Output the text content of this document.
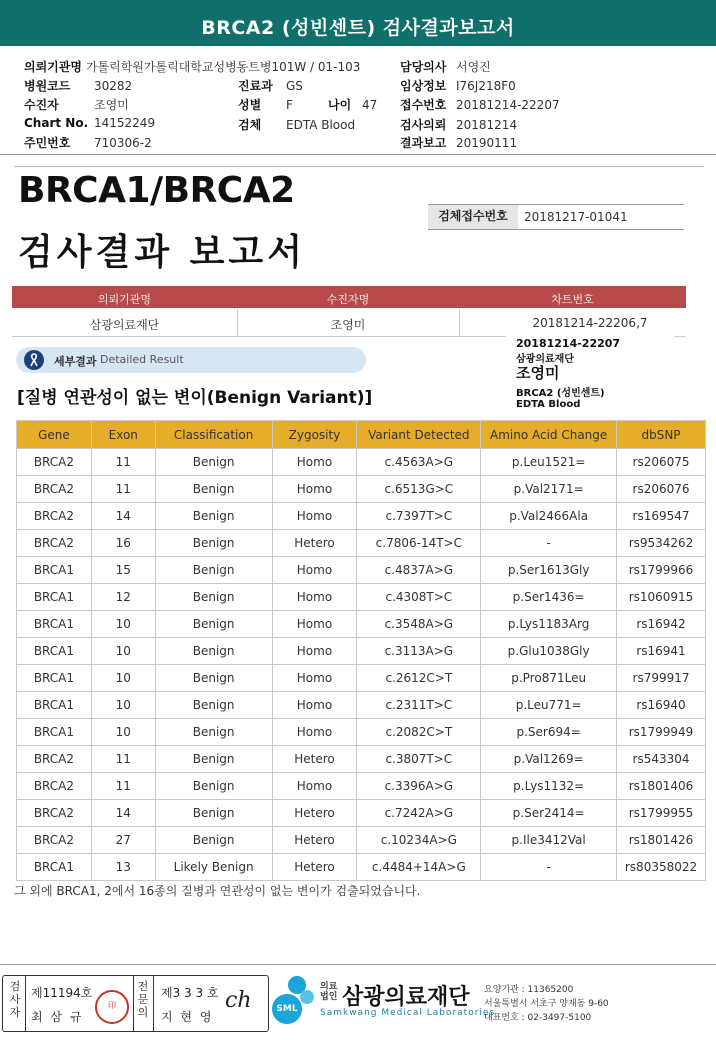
BRCA2 (성빈센트) 검사결과보고서
의뢰기관명 가톨릭학원가톨릭대학교성병동트병101W / 01-103
병원코드 30282
수진자	조영미
Chart No. 14152249
주민번호 710306-2
진료과 GS
성별 F
검체 EDTA Blood
나이 47
담당의사 서영진
임상정보 I76J218F0
접수번호 20181214-22207
검사의뢰 20181214
결과보고 20190111
BRCA1/BRCA2
검사결과 보고서
검체접수번호	20181217-01041
의뢰기관명	수진자명	차트번호
삼광의료재단	조영미	20181214-22206,7
20181214-22207
삼광의료재단
조영미
BRCA2 (성빈센트)
EDTA Blood
세부결과 Detailed Result
[질병 연관성이 없는 변이(Benign Variant)]
Gene	Exon	Classification	Zygosity	Variant Detected	Amino Acid Change	dbSNP
BRCA2	11	Benign	Homo	c.4563A>G	p.Leu1521=	rs206075
BRCA2	11	Benign	Homo	c.6513G>C	p.Val2171=	rs206076
BRCA2	14	Benign	Homo	c.7397T>C	p.Val2466Ala	rs169547
BRCA2	16	Benign	Hetero	c.7806-14T>C	-	rs9534262
BRCA1	15	Benign	Homo	c.4837A>G	p.Ser1613Gly	rs1799966
BRCA1	12	Benign	Homo	c.4308T>C	p.Ser1436=	rs1060915
BRCA1	10	Benign	Homo	c.3548A>G	p.Lys1183Arg	rs16942
BRCA1	10	Benign	Homo	c.3113A>G	p.Glu1038Gly	rs16941
BRCA1	10	Benign	Homo	c.2612C>T	p.Pro871Leu	rs799917
BRCA1	10	Benign	Homo	c.2311T>C	p.Leu771=	rs16940
BRCA1	10	Benign	Homo	c.2082C>T	p.Ser694=	rs1799949
BRCA2	11	Benign	Hetero	c.3807T>C	p.Val1269=	rs543304
BRCA2	11	Benign	Homo	c.3396A>G	p.Lys1132=	rs1801406
BRCA2	14	Benign	Hetero	c.7242A>G	p.Ser2414=	rs1799955
BRCA2	27	Benign	Hetero	c.10234A>G	p.Ile3412Val	rs1801426
BRCA1	13	Likely Benign	Hetero	c.4484+14A>G	-	rs80358022
그 외에 BRCA1, 2에서 16종의 질병과 연관성이 없는 변이가 검출되었습니다.
검사자
제11194호
최 삼 규
印
전문의
제3 3 3 호
지 현 영
ch	SML
의료
법인 삼광의료재단
Samkwang Medical Laboratories
요양기관 : 11365200
서울특별시 서초구 양재동 9-60
대표번호 : 02-3497-5100
